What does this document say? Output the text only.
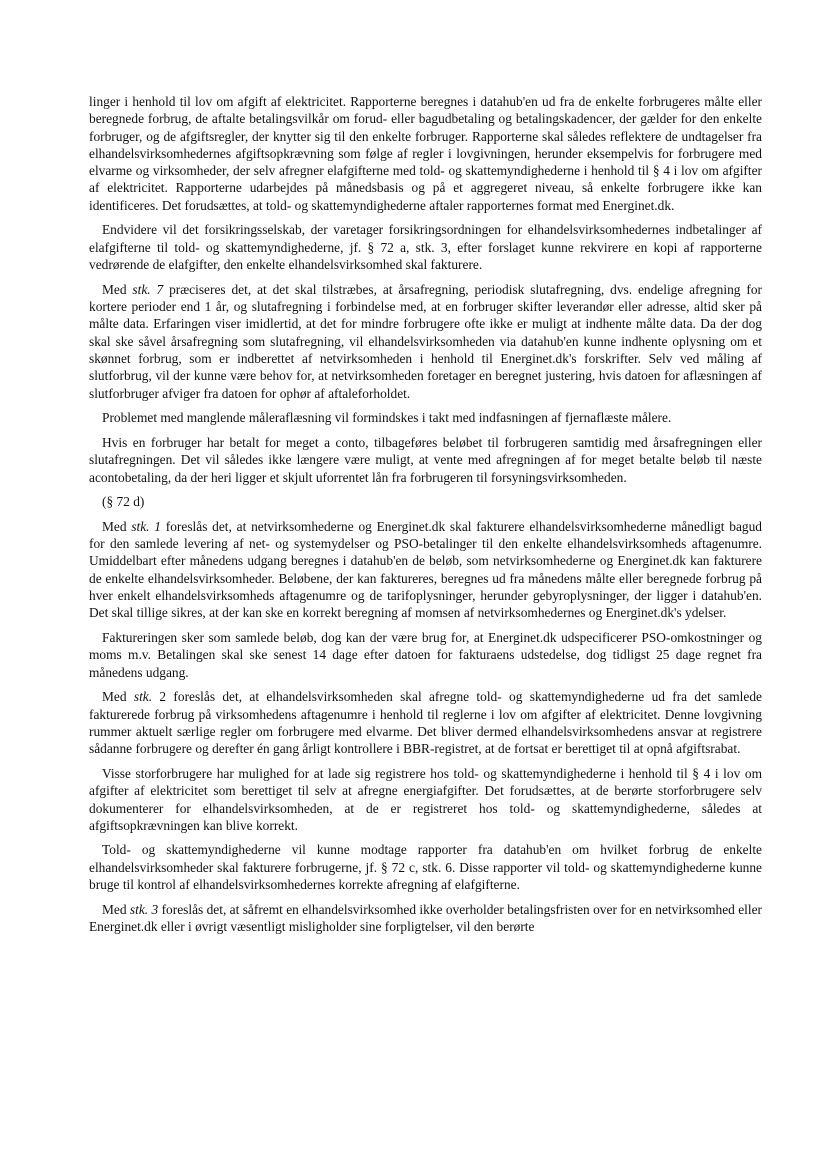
linger i henhold til lov om afgift af elektricitet. Rapporterne beregnes i datahub'en ud fra de enkelte forbrugeres målte eller beregnede forbrug, de aftalte betalingsvilkår om forud- eller bagudbetaling og betalingskadencer, der gælder for den enkelte forbruger, og de afgiftsregler, der knytter sig til den enkelte forbruger. Rapporterne skal således reflektere de undtagelser fra elhandelsvirksomhedernes afgiftsopkrævning som følge af regler i lovgivningen, herunder eksempelvis for forbrugere med elvarme og virksomheder, der selv afregner elafgifterne med told- og skattemyndighederne i henhold til § 4 i lov om afgifter af elektricitet. Rapporterne udarbejdes på månedsbasis og på et aggregeret niveau, så enkelte forbrugere ikke kan identificeres. Det forudsættes, at told- og skattemyndighederne aftaler rapporternes format med Energinet.dk.

Endvidere vil det forsikringsselskab, der varetager forsikringsordningen for elhandelsvirksomhedernes indbetalinger af elafgifterne til told- og skattemyndighederne, jf. § 72 a, stk. 3, efter forslaget kunne rekvirere en kopi af rapporterne vedrørende de elafgifter, den enkelte elhandelsvirksomhed skal fakturere.

Med stk. 7 præciseres det, at det skal tilstræbes, at årsafregning, periodisk slutafregning, dvs. endelige afregning for kortere perioder end 1 år, og slutafregning i forbindelse med, at en forbruger skifter leverandør eller adresse, altid sker på målte data. Erfaringen viser imidlertid, at det for mindre forbrugere ofte ikke er muligt at indhente målte data. Da der dog skal ske såvel årsafregning som slutafregning, vil elhandelsvirksomheden via datahub'en kunne indhente oplysning om et skønnet forbrug, som er indberettet af netvirksomheden i henhold til Energinet.dk's forskrifter. Selv ved måling af slutforbrug, vil der kunne være behov for, at netvirksomheden foretager en beregnet justering, hvis datoen for aflæsningen af slutforbruger afviger fra datoen for ophør af aftaleforholdet.

Problemet med manglende måleraflæsning vil formindskes i takt med indfasningen af fjernaflæste målere.

Hvis en forbruger har betalt for meget a conto, tilbageføres beløbet til forbrugeren samtidig med årsafregningen eller slutafregningen. Det vil således ikke længere være muligt, at vente med afregningen af for meget betalte beløb til næste acontobetaling, da der heri ligger et skjult uforrentet lån fra forbrugeren til forsyningsvirksomheden.

(§ 72 d)

Med stk. 1 foreslås det, at netvirksomhederne og Energinet.dk skal fakturere elhandelsvirksomhederne månedligt bagud for den samlede levering af net- og systemydelser og PSO-betalinger til den enkelte elhandelsvirksomheds aftagenumre. Umiddelbart efter månedens udgang beregnes i datahub'en de beløb, som netvirksomhederne og Energinet.dk kan fakturere de enkelte elhandelsvirksomheder. Beløbene, der kan faktureres, beregnes ud fra månedens målte eller beregnede forbrug på hver enkelt elhandelsvirksomheds aftagenumre og de tarifoplysninger, herunder gebyroplysninger, der ligger i datahub'en. Det skal tillige sikres, at der kan ske en korrekt beregning af momsen af netvirksomhedernes og Energinet.dk's ydelser.

Faktureringen sker som samlede beløb, dog kan der være brug for, at Energinet.dk udspecificerer PSO-omkostninger og moms m.v. Betalingen skal ske senest 14 dage efter datoen for fakturaens udstedelse, dog tidligst 25 dage regnet fra månedens udgang.

Med stk. 2 foreslås det, at elhandelsvirksomheden skal afregne told- og skattemyndighederne ud fra det samlede fakturerede forbrug på virksomhedens aftagenumre i henhold til reglerne i lov om afgifter af elektricitet. Denne lovgivning rummer aktuelt særlige regler om forbrugere med elvarme. Det bliver dermed elhandelsvirksomhedens ansvar at registrere sådanne forbrugere og derefter én gang årligt kontrollere i BBR-registret, at de fortsat er berettiget til at opnå afgiftsrabat.

Visse storforbrugere har mulighed for at lade sig registrere hos told- og skattemyndighederne i henhold til § 4 i lov om afgifter af elektricitet som berettiget til selv at afregne energiafgifter. Det forudsættes, at de berørte storforbrugere selv dokumenterer for elhandelsvirksomheden, at de er registreret hos told- og skattemyndighederne, således at afgiftsopkrævningen kan blive korrekt.

Told- og skattemyndighederne vil kunne modtage rapporter fra datahub'en om hvilket forbrug de enkelte elhandelsvirksomheder skal fakturere forbrugerne, jf. § 72 c, stk. 6. Disse rapporter vil told- og skattemyndighederne kunne bruge til kontrol af elhandelsvirksomhedernes korrekte afregning af elafgifterne.

Med stk. 3 foreslås det, at såfremt en elhandelsvirksomhed ikke overholder betalingsfristen over for en netvirksomhed eller Energinet.dk eller i øvrigt væsentligt misligholder sine forpligtelser, vil den berørte
